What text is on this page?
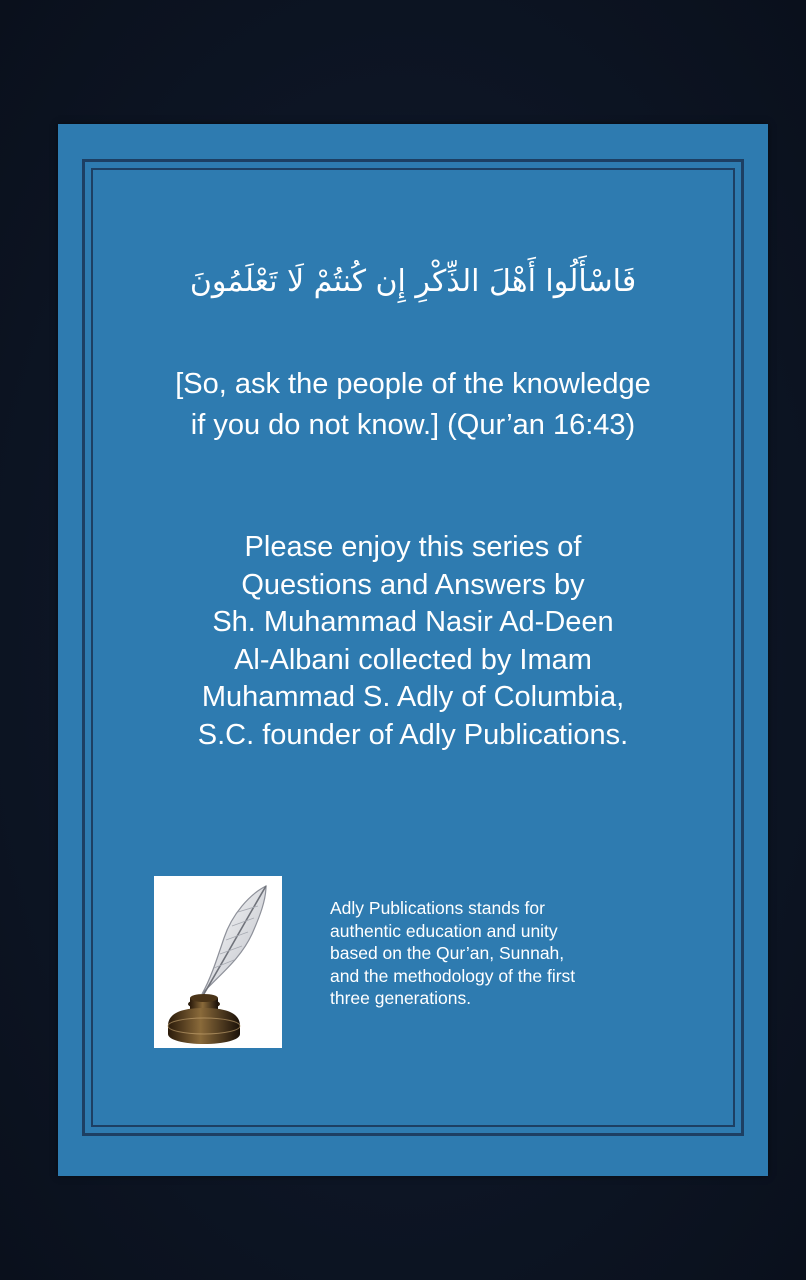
فَاسْأَلُوا أَهْلَ الذِّكْرِ إِن كُنتُمْ لَا تَعْلَمُونَ
[So, ask the people of the knowledge
if you do not know.] (Qur’an 16:43)
Please enjoy this series of
Questions and Answers by
Sh. Muhammad Nasir Ad-Deen
Al-Albani collected by Imam
Muhammad S. Adly of Columbia,
S.C. founder of Adly Publications.
Adly Publications stands for
authentic education and unity
based on the Qur’an, Sunnah,
and the methodology of the first
three generations.
